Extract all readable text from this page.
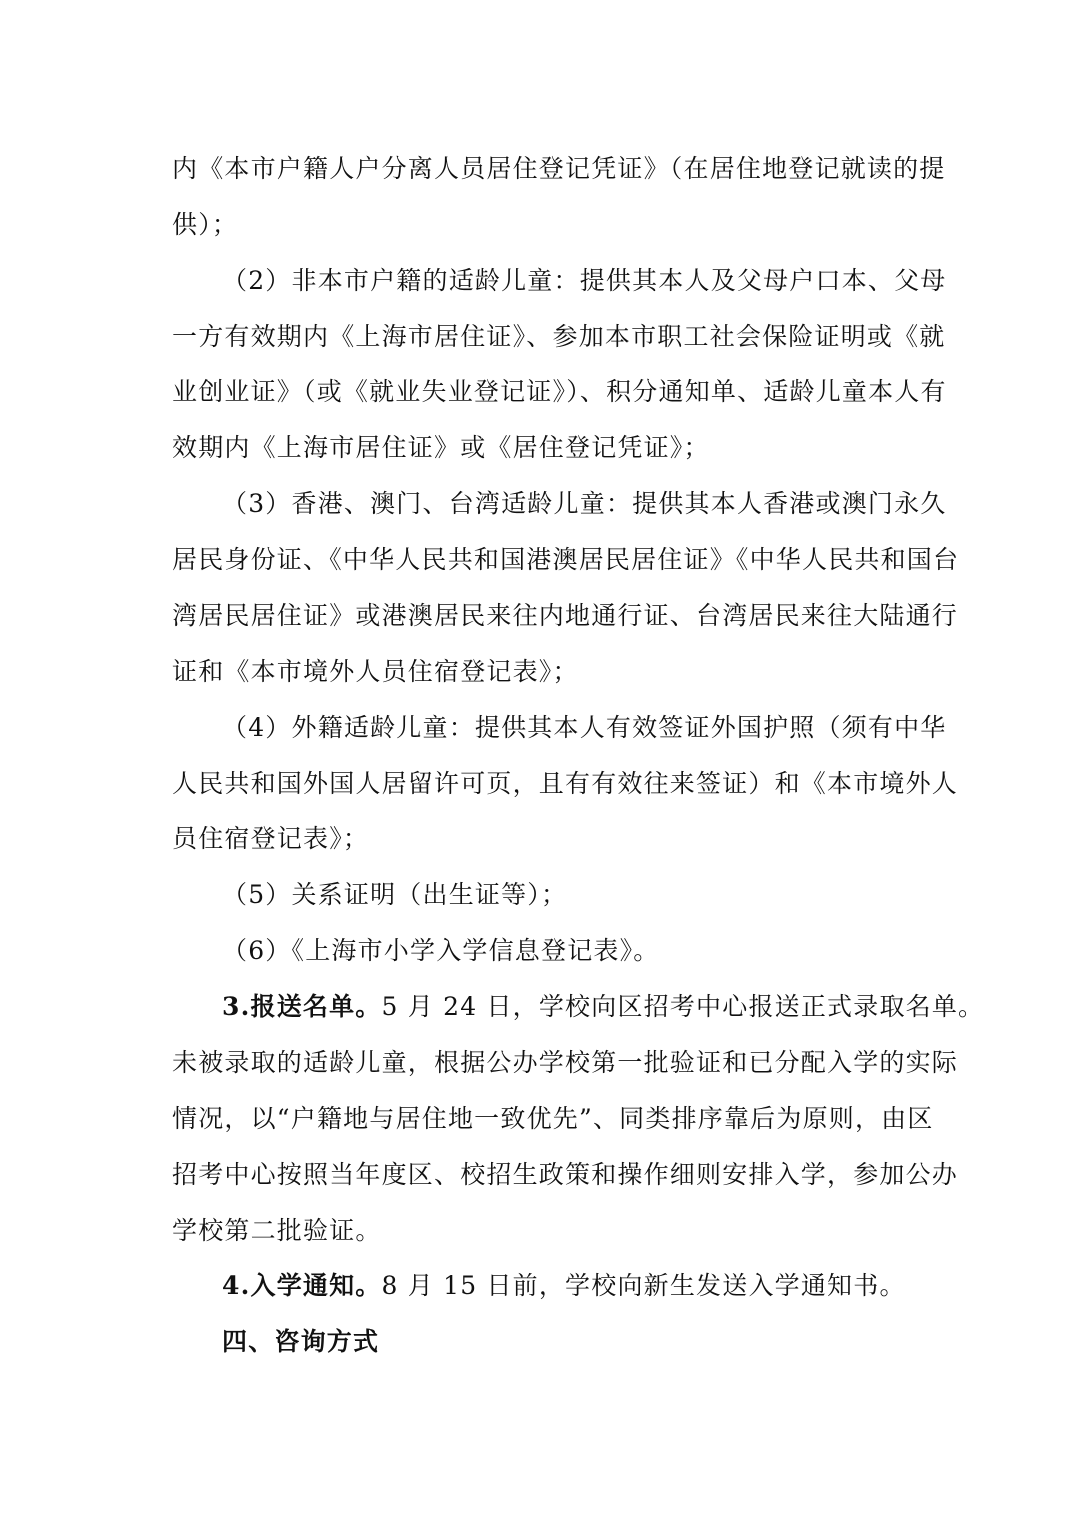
内《本市户籍人户分离人员居住登记凭证》（在居住地登记就读的提
供）；
（2）非本市户籍的适龄儿童：提供其本人及父母户口本、父母
一方有效期内《上海市居住证》、参加本市职工社会保险证明或《就
业创业证》（或《就业失业登记证》）、积分通知单、适龄儿童本人有
效期内《上海市居住证》或《居住登记凭证》；
（3）香港、澳门、台湾适龄儿童：提供其本人香港或澳门永久
居民身份证、《中华人民共和国港澳居民居住证》《中华人民共和国台
湾居民居住证》或港澳居民来往内地通行证、台湾居民来往大陆通行
证和《本市境外人员住宿登记表》；
（4）外籍适龄儿童：提供其本人有效签证外国护照（须有中华
人民共和国外国人居留许可页，且有有效往来签证）和《本市境外人
员住宿登记表》；
（5）关系证明（出生证等）；
（6）《上海市小学入学信息登记表》。
3.报送名单。5 月 24 日，学校向区招考中心报送正式录取名单。
未被录取的适龄儿童，根据公办学校第一批验证和已分配入学的实际
情况，以“户籍地与居住地一致优先”、同类排序靠后为原则，由区
招考中心按照当年度区、校招生政策和操作细则安排入学，参加公办
学校第二批验证。
4.入学通知。8 月 15 日前，学校向新生发送入学通知书。
四、咨询方式
